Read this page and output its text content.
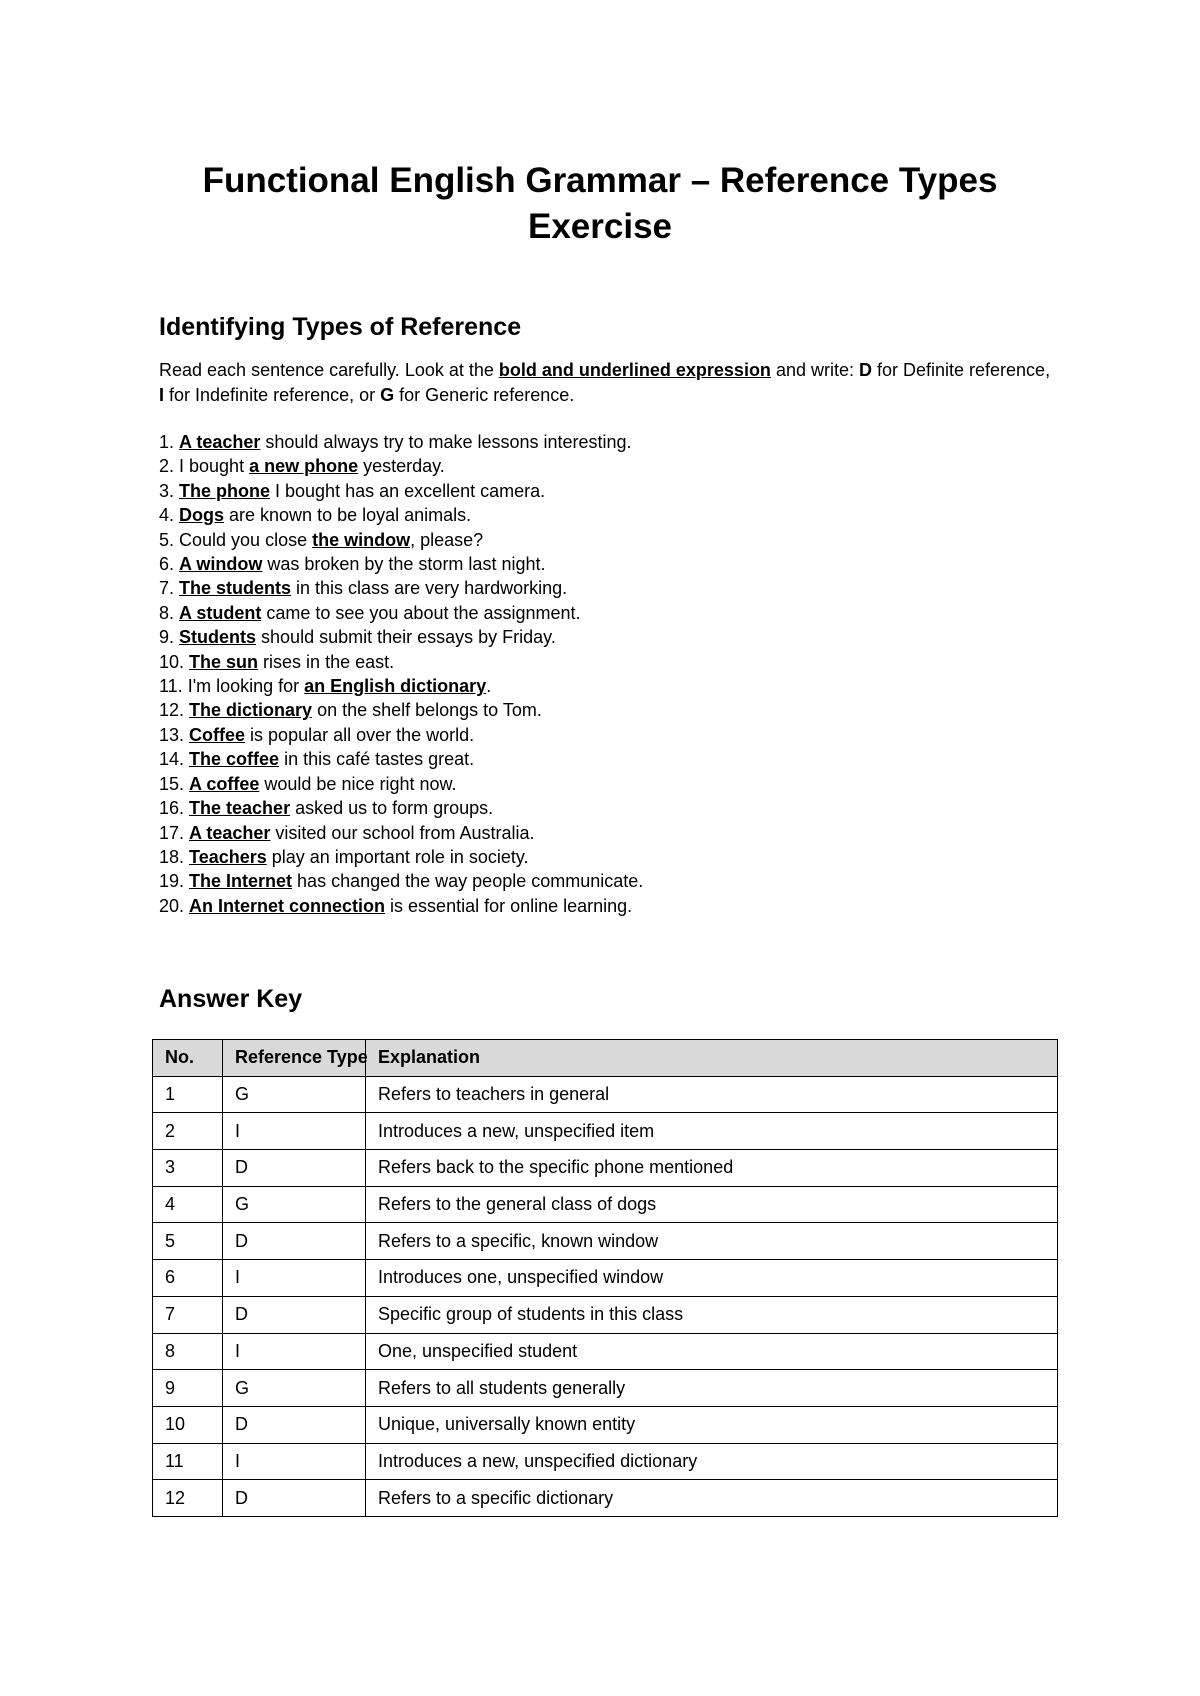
Functional English Grammar – Reference Types
Exercise
Identifying Types of Reference

Read each sentence carefully. Look at the bold and underlined expression and write: D for Definite reference, I for Indefinite reference, or G for Generic reference.

1. A teacher should always try to make lessons interesting.
2. I bought a new phone yesterday.
3. The phone I bought has an excellent camera.
4. Dogs are known to be loyal animals.
5. Could you close the window, please?
6. A window was broken by the storm last night.
7. The students in this class are very hardworking.
8. A student came to see you about the assignment.
9. Students should submit their essays by Friday.
10. The sun rises in the east.
11. I'm looking for an English dictionary.
12. The dictionary on the shelf belongs to Tom.
13. Coffee is popular all over the world.
14. The coffee in this café tastes great.
15. A coffee would be nice right now.
16. The teacher asked us to form groups.
17. A teacher visited our school from Australia.
18. Teachers play an important role in society.
19. The Internet has changed the way people communicate.
20. An Internet connection is essential for online learning.
Answer Key
No.	Reference Type	Explanation
1	G	Refers to teachers in general
2	I	Introduces a new, unspecified item
3	D	Refers back to the specific phone mentioned
4	G	Refers to the general class of dogs
5	D	Refers to a specific, known window
6	I	Introduces one, unspecified window
7	D	Specific group of students in this class
8	I	One, unspecified student
9	G	Refers to all students generally
10	D	Unique, universally known entity
11	I	Introduces a new, unspecified dictionary
12	D	Refers to a specific dictionary
